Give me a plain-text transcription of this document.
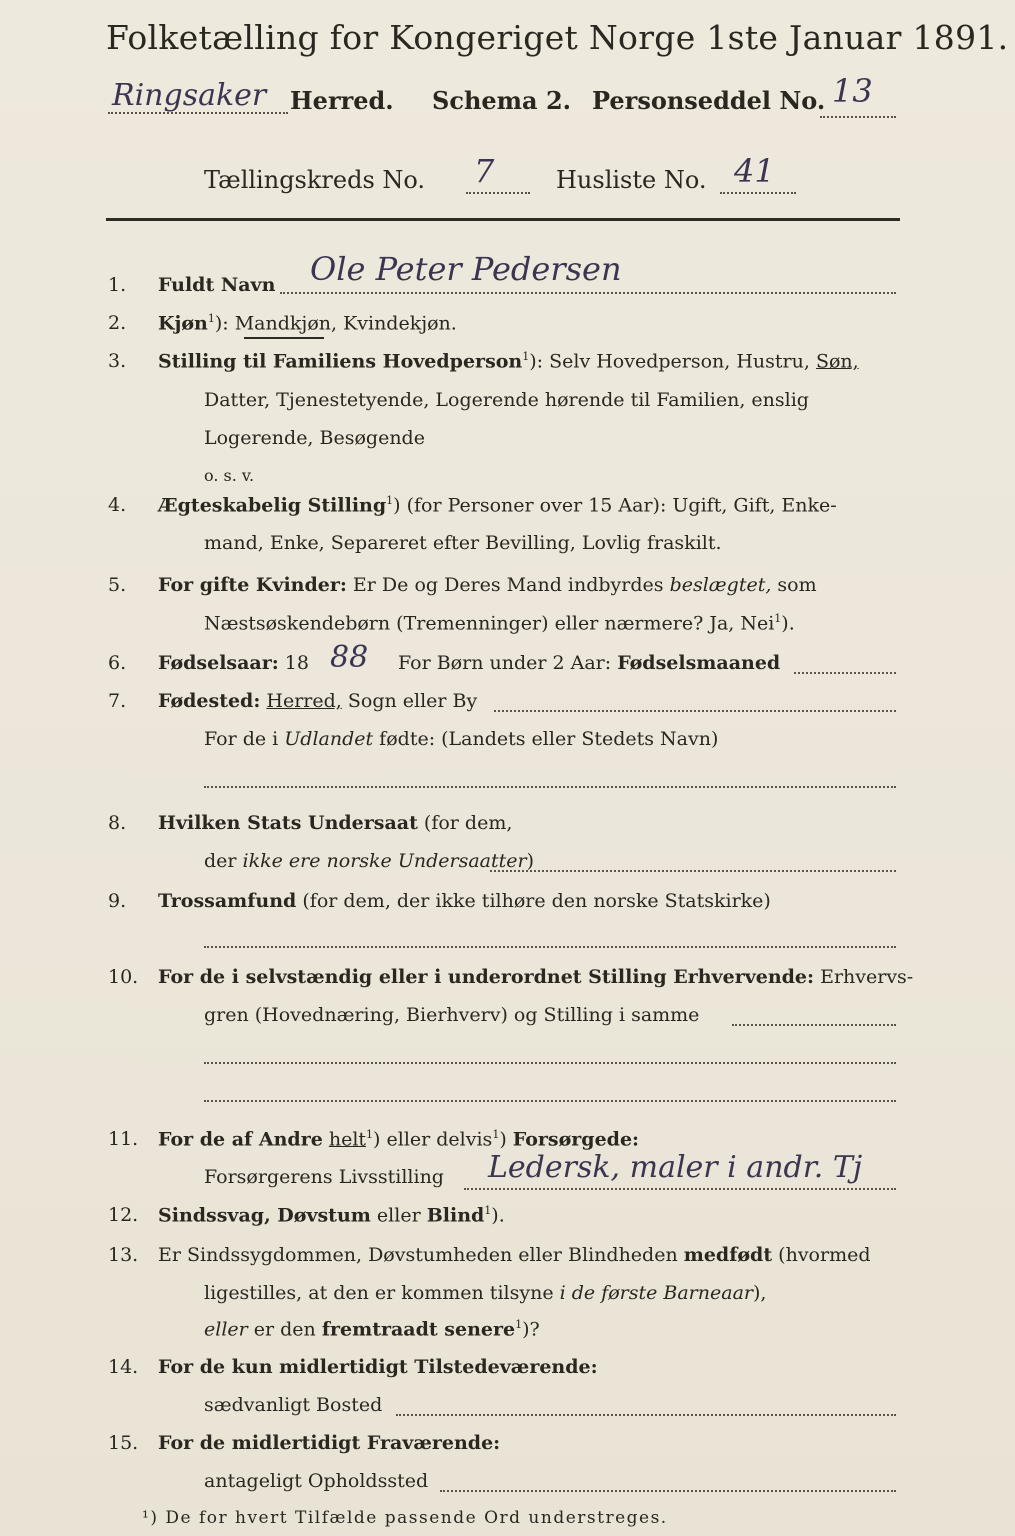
Folketælling for Kongeriget Norge 1ste Januar 1891.
Ringsaker Herred. Schema 2. Personseddel No. 13
Tællingskreds No. 7	Husliste No. 41
1. Fuldt Navn Ole Peter Pedersen
2. Kjøn$^1$): Mandkjøn, Kvindekjøn.
3. Stilling til Familiens Hovedperson$^1$): Selv Hovedperson, Hustru, Søn,
Datter, Tjenestetyende, Logerende hørende til Familien, enslig
Logerende, Besøgende
o. s. v.
4. Ægteskabelig Stilling$^1$) (for Personer over 15 Aar): Ugift, Gift, Enke-
mand, Enke, Separeret efter Bevilling, Lovlig fraskilt.
5. For gifte Kvinder: Er De og Deres Mand indbyrdes beslægtet, som
Næstsøskendebørn (Tremenninger) eller nærmere? Ja, Nei$^1$).
6. Fødselsaar: 18 88 For Børn under 2 Aar: Fødselsmaaned
7. Fødested: Herred, Sogn eller By
For de i Udlandet fødte: (Landets eller Stedets Navn)
8. Hvilken Stats Undersaat (for dem,
der ikke ere norske Undersaatter)
9. Trossamfund (for dem, der ikke tilhøre den norske Statskirke)
10. For de i selvstændig eller i underordnet Stilling Erhvervende: Erhvervs-
gren (Hovednæring, Bierhverv) og Stilling i samme
11. For de af Andre helt$^1$) eller delvis$^1$) Forsørgede:
Forsørgerens Livsstilling Ledersk, maler i andr. Tj
12. Sindssvag, Døvstum eller Blind$^1$).
13. Er Sindssygdommen, Døvstumheden eller Blindheden medfødt (hvormed
ligestilles, at den er kommen tilsyne i de første Barneaar),
eller er den fremtraadt senere$^1$)?
14. For de kun midlertidigt Tilstedeværende:
sædvanligt Bosted
15. For de midlertidigt Fraværende:
antageligt Opholdssted
¹) De for hvert Tilfælde passende Ord understreges.
